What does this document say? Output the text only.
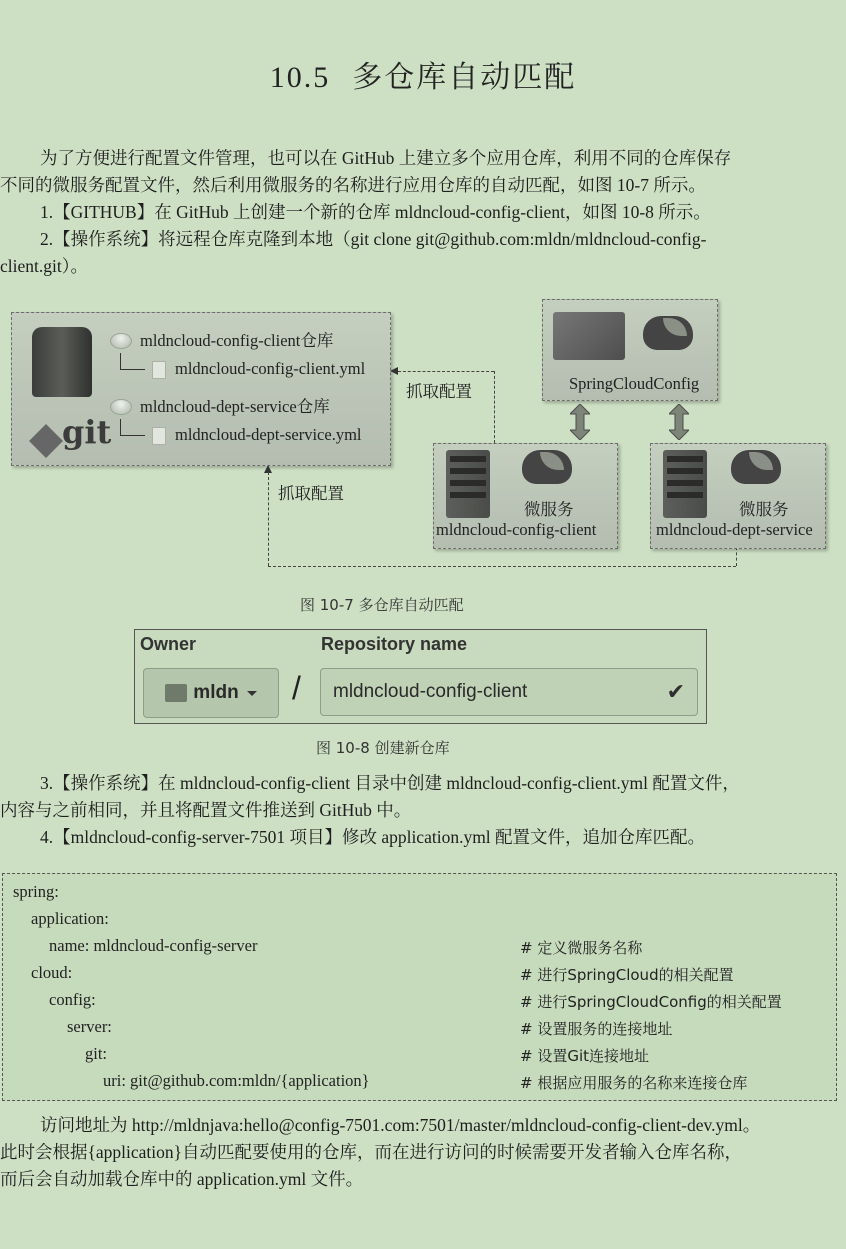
10.5 多仓库自动匹配

为了方便进行配置文件管理，也可以在 GitHub 上建立多个应用仓库，利用不同的仓库保存

不同的微服务配置文件，然后利用微服务的名称进行应用仓库的自动匹配，如图 10-7 所示。

1.【GITHUB】在 GitHub 上创建一个新的仓库 mldncloud-config-client，如图 10-8 所示。

2.【操作系统】将远程仓库克隆到本地（git clone git@github.com:mldn/mldncloud-config-

client.git）。

git
mldncloud-config-client仓库
mldncloud-config-client.yml
mldncloud-dept-service仓库
mldncloud-dept-service.yml
抓取配置
抓取配置
SpringCloudConfig
微服务
mldncloud-config-client
微服务
mldncloud-dept-service
图 10-7 多仓库自动匹配
Owner	Repository name
mldn / mldncloud-config-client	✔
图 10-8 创建新仓库

3.【操作系统】在 mldncloud-config-client 目录中创建 mldncloud-config-client.yml 配置文件，

内容与之前相同，并且将配置文件推送到 GitHub 中。

4.【mldncloud-config-server-7501 项目】修改 application.yml 配置文件，追加仓库匹配。

spring:
application:
name: mldncloud-config-server	# 定义微服务名称
cloud:	# 进行SpringCloud的相关配置
config:	# 进行SpringCloudConfig的相关配置
server:	# 设置服务的连接地址
git:	# 设置Git连接地址
uri: git@github.com:mldn/{application}	# 根据应用服务的名称来连接仓库

访问地址为 http://mldnjava:hello@config-7501.com:7501/master/mldncloud-config-client-dev.yml。

此时会根据{application}自动匹配要使用的仓库，而在进行访问的时候需要开发者输入仓库名称，

而后会自动加载仓库中的 application.yml 文件。
